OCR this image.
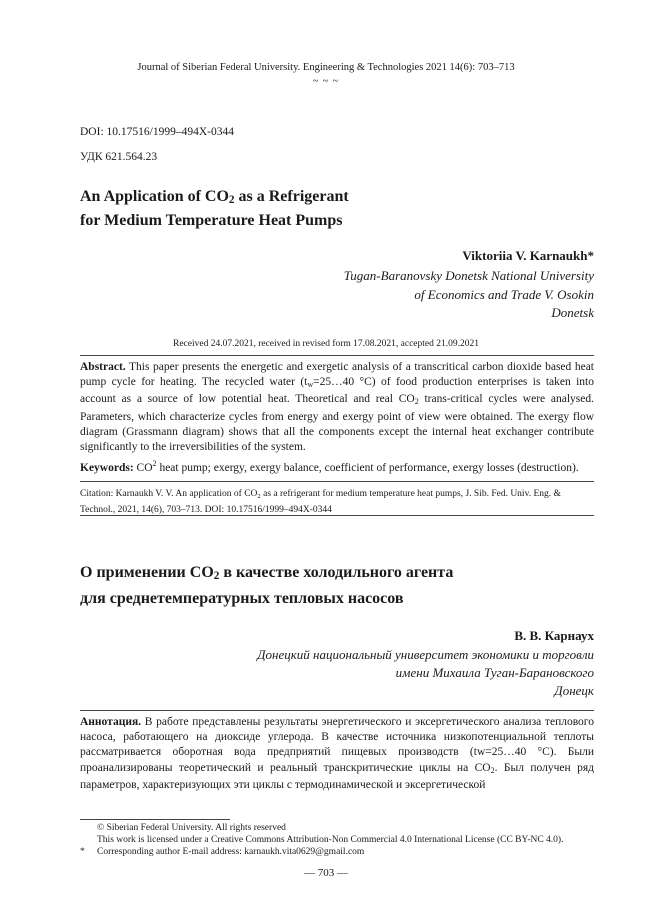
Journal of Siberian Federal University. Engineering & Technologies 2021 14(6): 703–713
~ ~ ~
DOI: 10.17516/1999–494X-0344
УДК 621.564.23
An Application of $CO_2$ as a Refrigerant
for Medium Temperature Heat Pumps
Viktoriia V. Karnaukh*
Tugan-Baranovsky Donetsk National University
of Economics and Trade V. Osokin
Donetsk
Received 24.07.2021, received in revised form 17.08.2021, accepted 21.09.2021
Abstract. This paper presents the energetic and exergetic analysis of a transcritical carbon dioxide based heat pump cycle for heating. The recycled water ($t_w=25\dots 40$ °C) of food production enterprises is taken into account as a source of low potential heat. Theoretical and real $CO_2$ trans-critical cycles were analysed. Parameters, which characterize cycles from energy and exergy point of view were obtained. The exergy flow diagram (Grassmann diagram) shows that all the components except the internal heat exchanger contribute significantly to the irreversibilities of the system.
Keywords: $CO^2$ heat pump; exergy, exergy balance, coefficient of performance, exergy losses (destruction).
Citation: Karnaukh V. V. An application of $CO_2$ as a refrigerant for medium temperature heat pumps, J. Sib. Fed. Univ. Eng. & Technol., 2021, 14(6), 703–713. DOI: 10.17516/1999–494X-0344
О применении $CO_2$ в качестве холодильного агента
для среднетемпературных тепловых насосов
В. В. Карнаух
Донецкий национальный университет экономики и торговли
имени Михаила Туган-Барановского
Донецк
Аннотация. В работе представлены результаты энергетического и эксергетического анализа теплового насоса, работающего на диоксиде углерода. В качестве источника низкопотенциальной теплоты рассматривается оборотная вода предприятий пищевых производств (tw=25…40 °C). Были проанализированы теоретический и реальный транскритические циклы на $CO_2$. Был получен ряд параметров, характеризующих эти циклы с термодинамической и эксергетической
© Siberian Federal University. All rights reserved
This work is licensed under a Creative Commons Attribution-Non Commercial 4.0 International License (CC BY-NC 4.0).
* Corresponding author E-mail address: karnaukh.vita0629@gmail.com
— 703 —
